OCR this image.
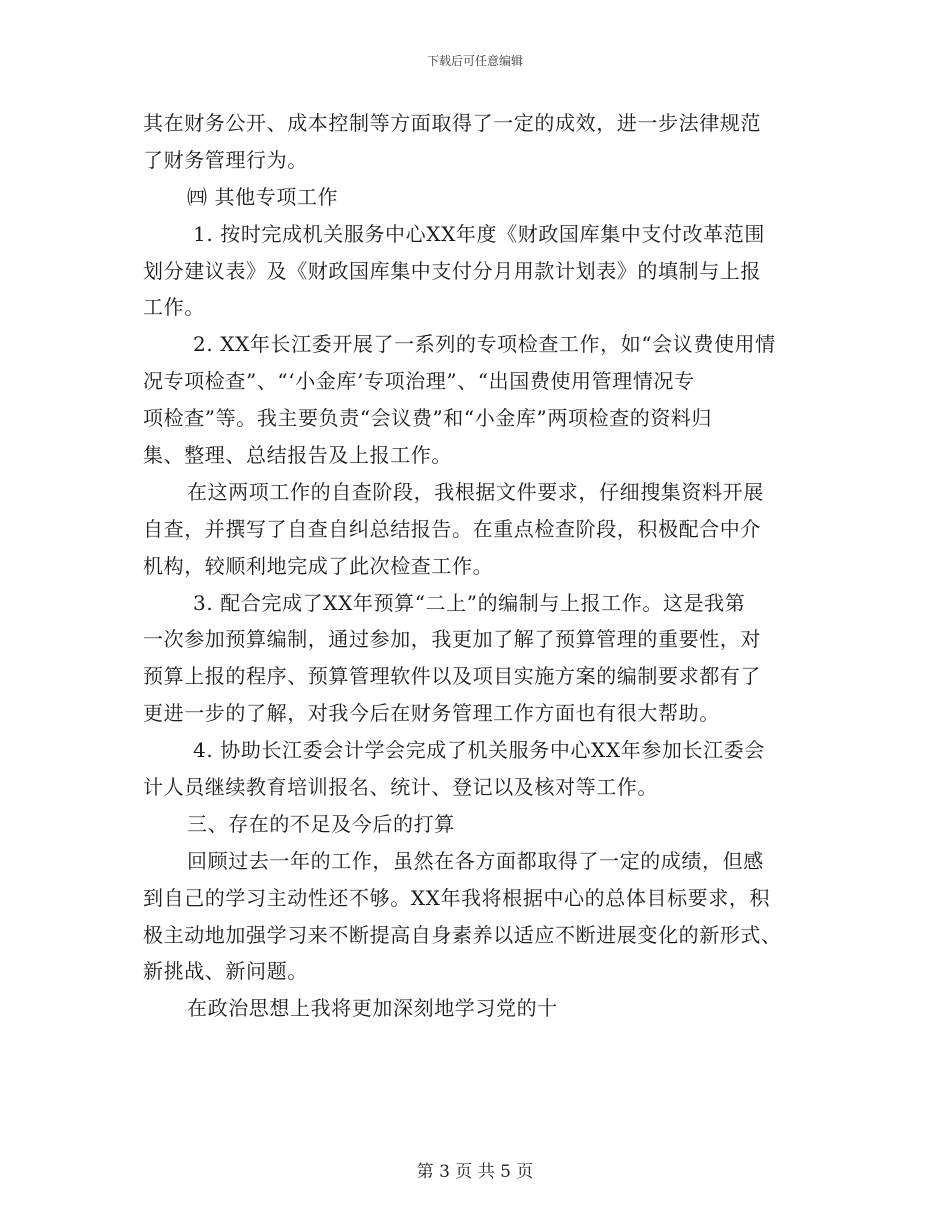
下载后可任意编辑
其在财务公开、成本控制等方面取得了一定的成效，进一步法律规范
了财务管理行为。
㈣ 其他专项工作
1. 按时完成机关服务中心XX年度《财政国库集中支付改革范围
划分建议表》及《财政国库集中支付分月用款计划表》的填制与上报
工作。
2. XX年长江委开展了一系列的专项检查工作，如“会议费使用情
况专项检查”、“‘小金库’专项治理”、“出国费使用管理情况专
项检查”等。我主要负责“会议费”和“小金库”两项检查的资料归
集、整理、总结报告及上报工作。
在这两项工作的自查阶段，我根据文件要求，仔细搜集资料开展
自查，并撰写了自查自纠总结报告。在重点检查阶段，积极配合中介
机构，较顺利地完成了此次检查工作。
3. 配合完成了XX年预算“二上”的编制与上报工作。这是我第
一次参加预算编制，通过参加，我更加了解了预算管理的重要性，对
预算上报的程序、预算管理软件以及项目实施方案的编制要求都有了
更进一步的了解，对我今后在财务管理工作方面也有很大帮助。
4. 协助长江委会计学会完成了机关服务中心XX年参加长江委会
计人员继续教育培训报名、统计、登记以及核对等工作。
三、存在的不足及今后的打算
回顾过去一年的工作，虽然在各方面都取得了一定的成绩，但感
到自己的学习主动性还不够。XX年我将根据中心的总体目标要求，积
极主动地加强学习来不断提高自身素养以适应不断进展变化的新形式、
新挑战、新问题。
在政治思想上我将更加深刻地学习党的十
第 3 页 共 5 页
